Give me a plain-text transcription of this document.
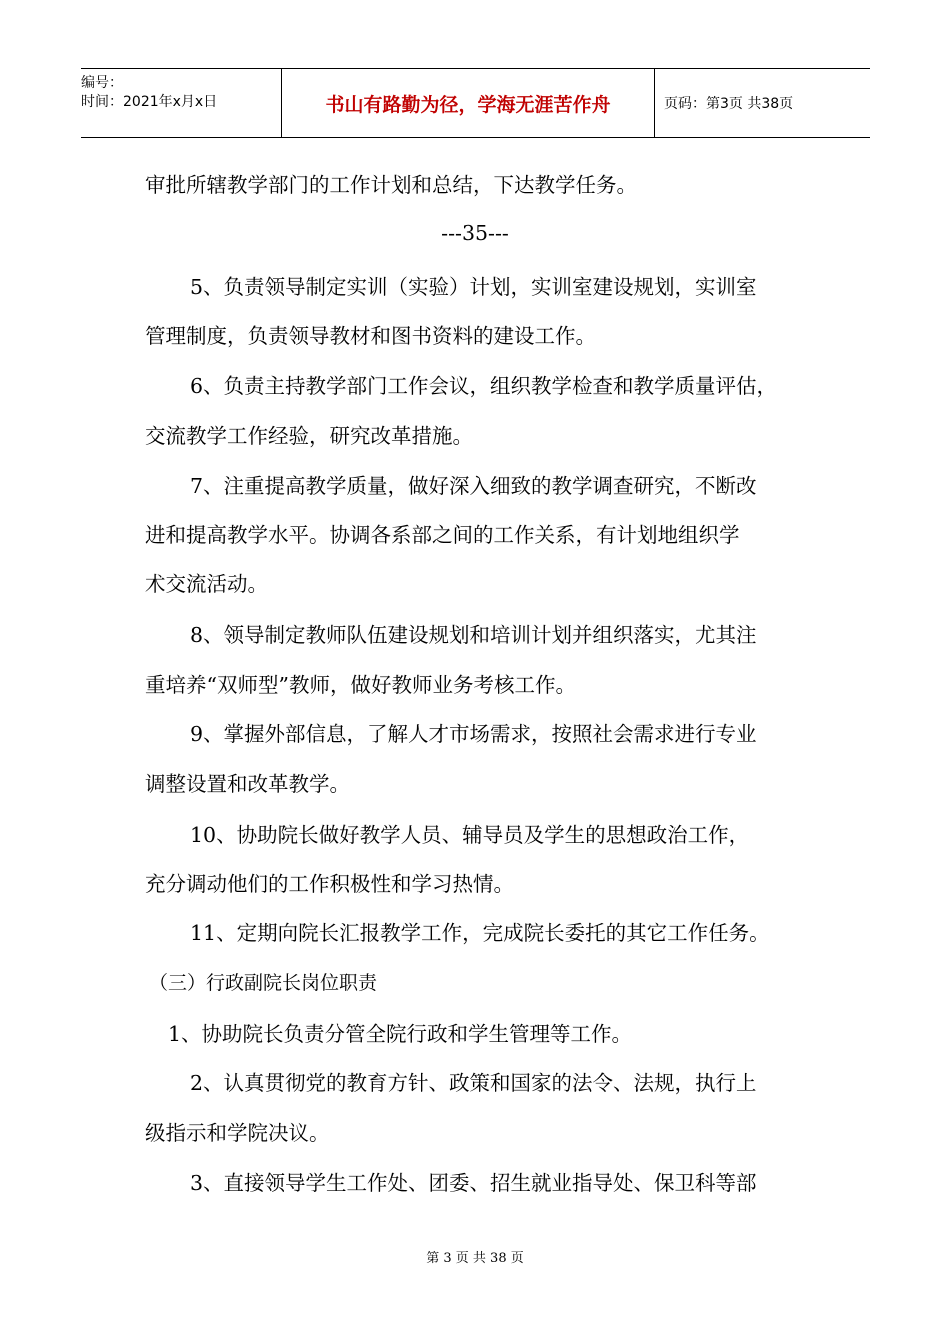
编号：
时间：2021年x月x日	书山有路勤为径，学海无涯苦作舟	页码：第3页 共38页
审批所辖教学部门的工作计划和总结，下达教学任务。
---35---
5、负责领导制定实训（实验）计划，实训室建设规划，实训室
管理制度，负责领导教材和图书资料的建设工作。
6、负责主持教学部门工作会议，组织教学检查和教学质量评估，
交流教学工作经验，研究改革措施。
7、注重提高教学质量，做好深入细致的教学调查研究，不断改
进和提高教学水平。协调各系部之间的工作关系，有计划地组织学
术交流活动。
8、领导制定教师队伍建设规划和培训计划并组织落实，尤其注
重培养“双师型”教师，做好教师业务考核工作。
9、掌握外部信息，了解人才市场需求，按照社会需求进行专业
调整设置和改革教学。
10、协助院长做好教学人员、辅导员及学生的思想政治工作，
充分调动他们的工作积极性和学习热情。
11、定期向院长汇报教学工作，完成院长委托的其它工作任务。
（三）行政副院长岗位职责
1、协助院长负责分管全院行政和学生管理等工作。
2、认真贯彻党的教育方针、政策和国家的法令、法规，执行上
级指示和学院决议。
3、直接领导学生工作处、团委、招生就业指导处、保卫科等部
第 3 页 共 38 页
